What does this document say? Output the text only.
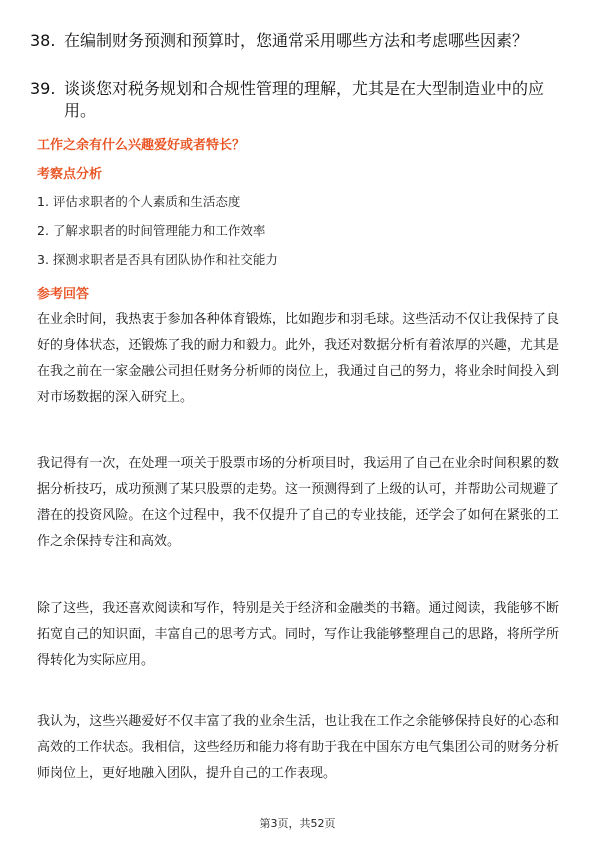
38. 在编制财务预测和预算时，您通常采用哪些方法和考虑哪些因素？
39. 谈谈您对税务规划和合规性管理的理解，尤其是在大型制造业中的应用。
工作之余有什么兴趣爱好或者特长？
考察点分析
1. 评估求职者的个人素质和生活态度
2. 了解求职者的时间管理能力和工作效率
3. 探测求职者是否具有团队协作和社交能力
参考回答
在业余时间，我热衷于参加各种体育锻炼，比如跑步和羽毛球。这些活动不仅让我保持了良好的身体状态，还锻炼了我的耐力和毅力。此外，我还对数据分析有着浓厚的兴趣，尤其是在我之前在一家金融公司担任财务分析师的岗位上，我通过自己的努力，将业余时间投入到对市场数据的深入研究上。
我记得有一次，在处理一项关于股票市场的分析项目时，我运用了自己在业余时间积累的数据分析技巧，成功预测了某只股票的走势。这一预测得到了上级的认可，并帮助公司规避了潜在的投资风险。在这个过程中，我不仅提升了自己的专业技能，还学会了如何在紧张的工作之余保持专注和高效。
除了这些，我还喜欢阅读和写作，特别是关于经济和金融类的书籍。通过阅读，我能够不断拓宽自己的知识面，丰富自己的思考方式。同时，写作让我能够整理自己的思路，将所学所得转化为实际应用。
我认为，这些兴趣爱好不仅丰富了我的业余生活，也让我在工作之余能够保持良好的心态和高效的工作状态。我相信，这些经历和能力将有助于我在中国东方电气集团公司的财务分析师岗位上，更好地融入团队，提升自己的工作表现。
第3页，共52页
